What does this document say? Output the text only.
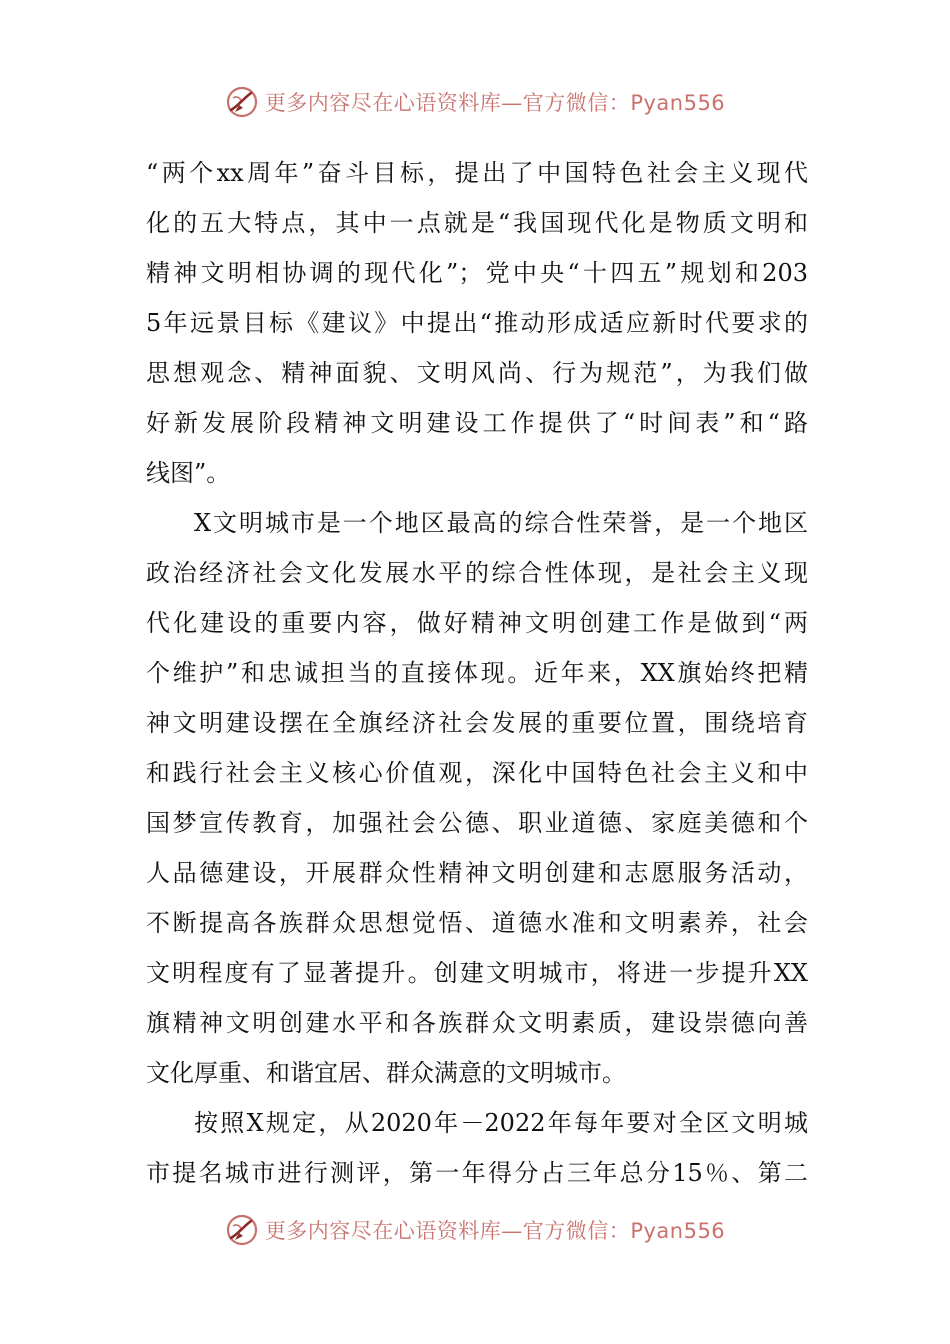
更多内容尽在心语资料库—官方微信：Pyan556
“两个xx周年”奋斗目标，提出了中国特色社会主义现代
化的五大特点，其中一点就是“我国现代化是物质文明和
精神文明相协调的现代化”；党中央“十四五”规划和203
5年远景目标《建议》中提出“推动形成适应新时代要求的
思想观念、精神面貌、文明风尚、行为规范”，为我们做
好新发展阶段精神文明建设工作提供了“时间表”和“路
线图”。
X文明城市是一个地区最高的综合性荣誉，是一个地区
政治经济社会文化发展水平的综合性体现，是社会主义现
代化建设的重要内容，做好精神文明创建工作是做到“两
个维护”和忠诚担当的直接体现。近年来，XX旗始终把精
神文明建设摆在全旗经济社会发展的重要位置，围绕培育
和践行社会主义核心价值观，深化中国特色社会主义和中
国梦宣传教育，加强社会公德、职业道德、家庭美德和个
人品德建设，开展群众性精神文明创建和志愿服务活动，
不断提高各族群众思想觉悟、道德水准和文明素养，社会
文明程度有了显著提升。创建文明城市，将进一步提升XX
旗精神文明创建水平和各族群众文明素质，建设崇德向善
文化厚重、和谐宜居、群众满意的文明城市。
按照X规定，从2020年－2022年每年要对全区文明城
市提名城市进行测评，第一年得分占三年总分15％、第二
更多内容尽在心语资料库—官方微信：Pyan556
